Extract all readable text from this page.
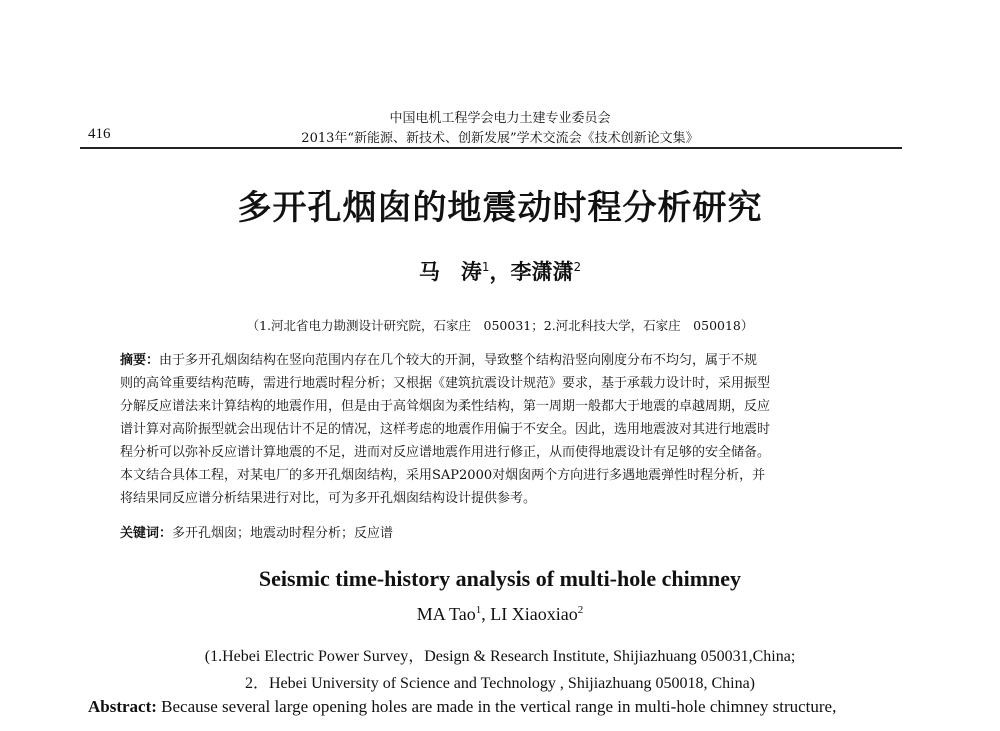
416
中国电机工程学会电力土建专业委员会
2013年“新能源、新技术、创新发展”学术交流会《技术创新论文集》
多开孔烟囱的地震动时程分析研究
马　涛$^1$，李潇潇$^2$
（1.河北省电力勘测设计研究院，石家庄　050031；2.河北科技大学，石家庄　050018）

摘要：由于多开孔烟囱结构在竖向范围内存在几个较大的开洞，导致整个结构沿竖向刚度分布不均匀，属于不规

则的高耸重要结构范畴，需进行地震时程分析；又根据《建筑抗震设计规范》要求，基于承载力设计时，采用振型

分解反应谱法来计算结构的地震作用，但是由于高耸烟囱为柔性结构，第一周期一般都大于地震的卓越周期，反应

谱计算对高阶振型就会出现估计不足的情况，这样考虑的地震作用偏于不安全。因此，选用地震波对其进行地震时

程分析可以弥补反应谱计算地震的不足，进而对反应谱地震作用进行修正，从而使得地震设计有足够的安全储备。

本文结合具体工程，对某电厂的多开孔烟囱结构，采用SAP2000对烟囱两个方向进行多遇地震弹性时程分析，并

将结果同反应谱分析结果进行对比，可为多开孔烟囱结构设计提供参考。

关键词：多开孔烟囱；地震动时程分析；反应谱
Seismic time-history analysis of multi-hole chimney
MA Tao$^1$, LI Xiaoxiao$^2$
(1.Hebei Electric Power Survey，Design & Research Institute, Shijiazhuang 050031,China;
2．Hebei University of Science and Technology , Shijiazhuang 050018, China)
Abstract: Because several large opening holes are made in the vertical range in multi-hole chimney structure,
